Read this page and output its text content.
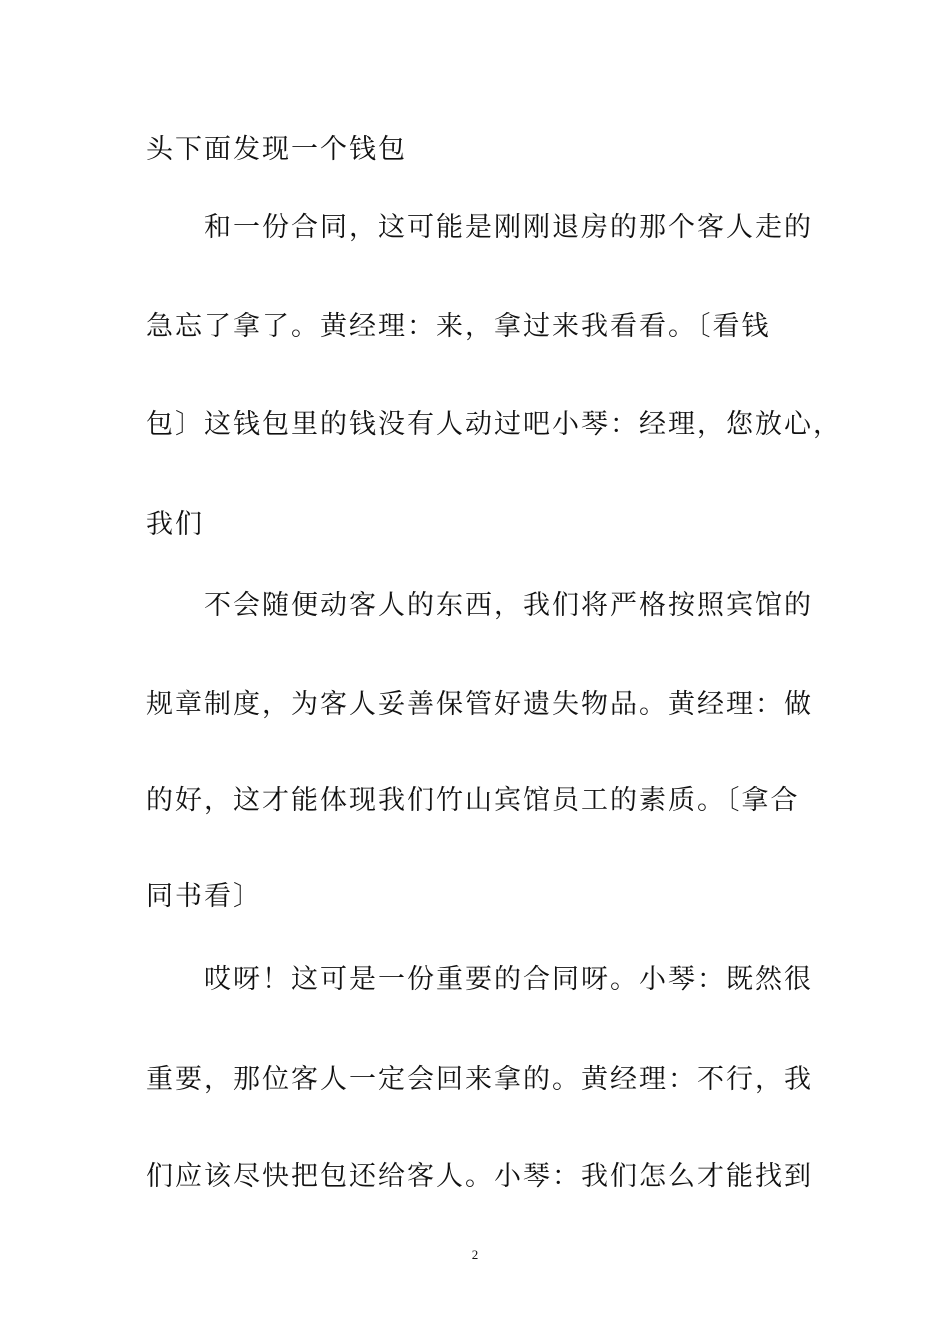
头下面发现一个钱包
和一份合同，这可能是刚刚退房的那个客人走的
急忘了拿了。黄经理：来，拿过来我看看。〔看钱
包〕这钱包里的钱没有人动过吧小琴：经理，您放心，
我们
不会随便动客人的东西，我们将严格按照宾馆的
规章制度，为客人妥善保管好遗失物品。黄经理：做
的好，这才能体现我们竹山宾馆员工的素质。〔拿合
同书看〕
哎呀！这可是一份重要的合同呀。小琴：既然很
重要，那位客人一定会回来拿的。黄经理：不行，我
们应该尽快把包还给客人。小琴：我们怎么才能找到
2
